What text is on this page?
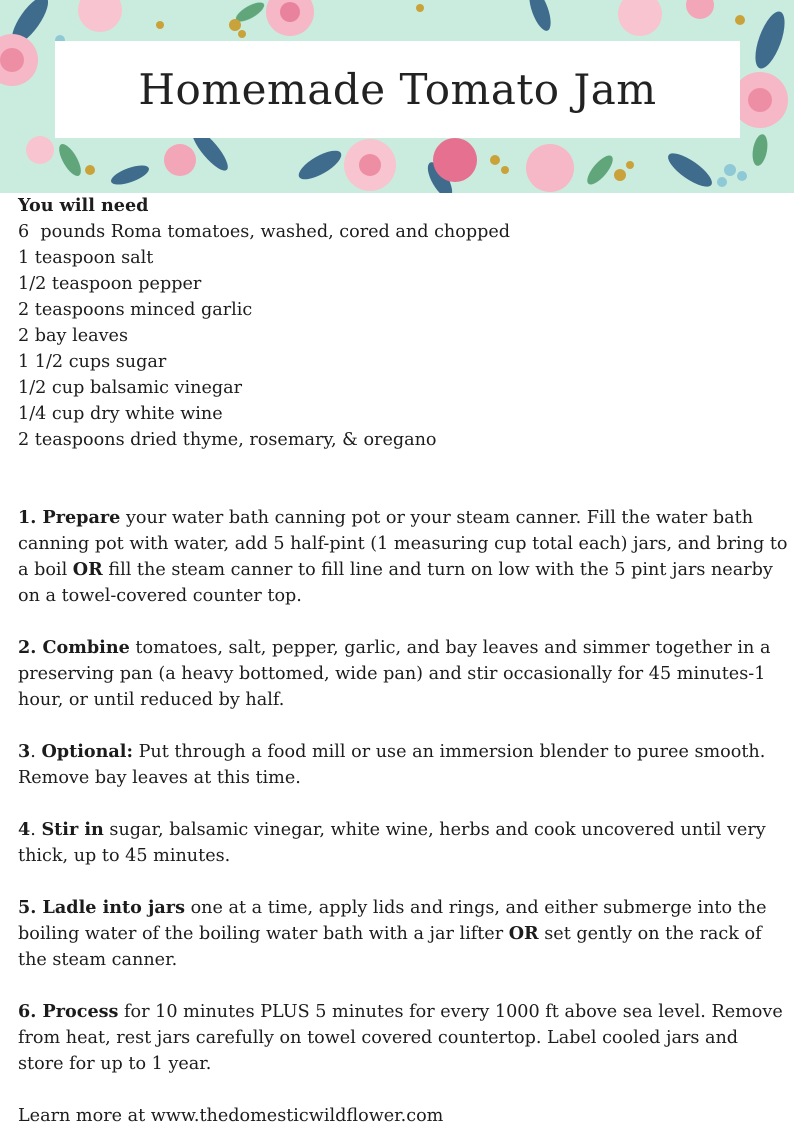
Homemade Tomato Jam
You will need
6  pounds Roma tomatoes, washed, cored and chopped
1 teaspoon salt
1/2 teaspoon pepper
2 teaspoons minced garlic
2 bay leaves
1 1/2 cups sugar
1/2 cup balsamic vinegar
1/4 cup dry white wine
2 teaspoons dried thyme, rosemary, & oregano

1. Prepare your water bath canning pot or your steam canner. Fill the water bath canning pot with water, add 5 half-pint (1 measuring cup total each) jars, and bring to a boil OR fill the steam canner to fill line and turn on low with the 5 pint jars nearby on a towel-covered counter top.

2. Combine tomatoes, salt, pepper, garlic, and bay leaves and simmer together in a preserving pan (a heavy bottomed, wide pan) and stir occasionally for 45 minutes-1 hour, or until reduced by half.

3. Optional: Put through a food mill or use an immersion blender to puree smooth. Remove bay leaves at this time.

4. Stir in sugar, balsamic vinegar, white wine, herbs and cook uncovered until very thick, up to 45 minutes.

5. Ladle into jars one at a time, apply lids and rings, and either submerge into the boiling water of the boiling water bath with a jar lifter OR set gently on the rack of the steam canner.

6. Process for 10 minutes PLUS 5 minutes for every 1000 ft above sea level. Remove from heat, rest jars carefully on towel covered countertop. Label cooled jars and store for up to 1 year.

Learn more at www.thedomesticwildflower.com
